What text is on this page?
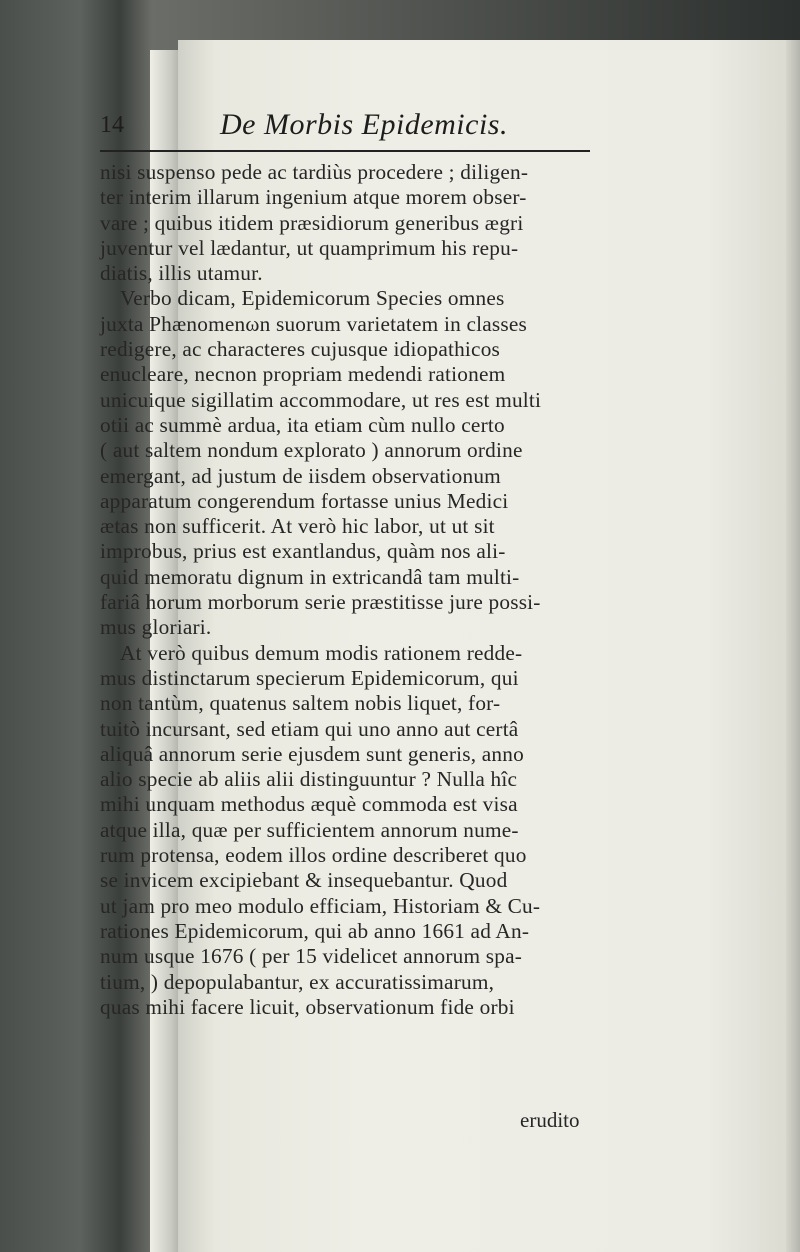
14	De Morbis Epidemicis.
nisi suspenso pede ac tardiùs procedere ; diligen-
ter interim illarum ingenium atque morem obser-
vare ; quibus itidem præsidiorum generibus ægri
juventur vel lædantur, ut quamprimum his repu-
diatis, illis utamur.
Verbo dicam, Epidemicorum Species omnes
juxta Phænomenωn suorum varietatem in classes
redigere, ac characteres cujusque idiopathicos
enucleare, necnon propriam medendi rationem
unicuique sigillatim accommodare, ut res est multi
otii ac summè ardua, ita etiam cùm nullo certo
( aut saltem nondum explorato ) annorum ordine
emergant, ad justum de iisdem observationum
apparatum congerendum fortasse unius Medici
ætas non sufficerit. At verò hic labor, ut ut sit
improbus, prius est exantlandus, quàm nos ali-
quid memoratu dignum in extricandâ tam multi-
fariâ horum morborum serie præstitisse jure possi-
mus gloriari.
At verò quibus demum modis rationem redde-
mus distinctarum specierum Epidemicorum, qui
non tantùm, quatenus saltem nobis liquet, for-
tuitò incursant, sed etiam qui uno anno aut certâ
aliquâ annorum serie ejusdem sunt generis, anno
alio specie ab aliis alii distinguuntur ? Nulla hîc
mihi unquam methodus æquè commoda est visa
atque illa, quæ per sufficientem annorum nume-
rum protensa, eodem illos ordine describeret quo
se invicem excipiebant & insequebantur. Quod
ut jam pro meo modulo efficiam, Historiam & Cu-
rationes Epidemicorum, qui ab anno 1661 ad An-
num usque 1676 ( per 15 videlicet annorum spa-
tium, ) depopulabantur, ex accuratissimarum,
quas mihi facere licuit, observationum fide orbi
erudito
